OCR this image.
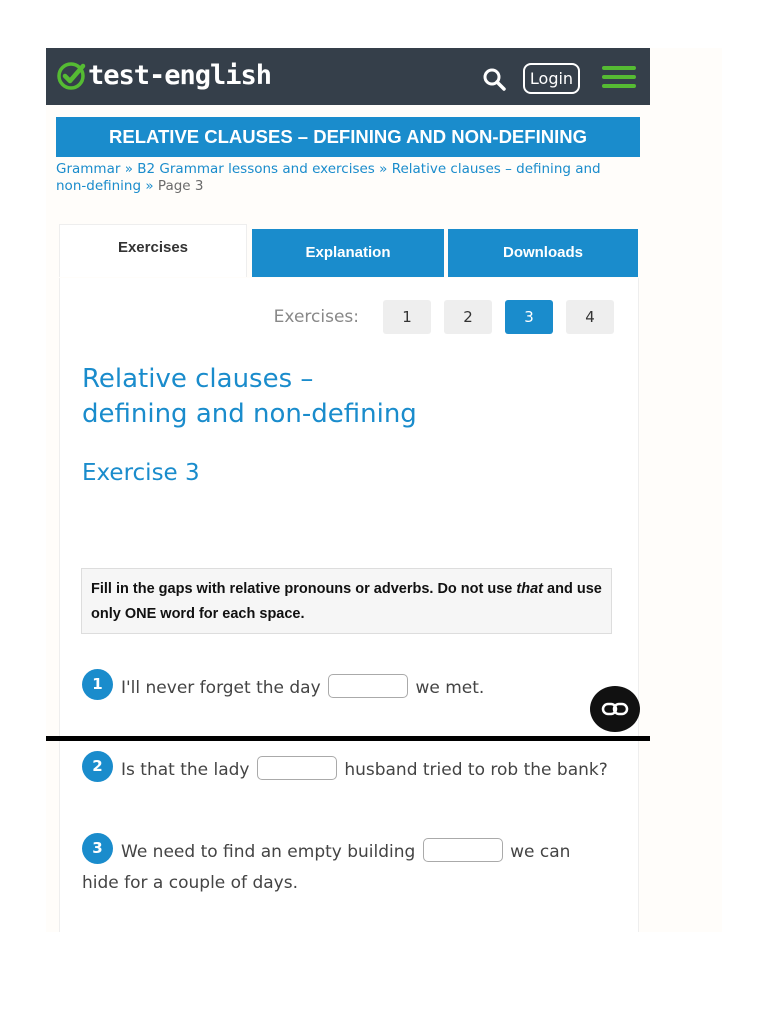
test-english	Login
RELATIVE CLAUSES – DEFINING AND NON-DEFINING
Grammar » B2 Grammar lessons and exercises » Relative clauses – defining and non-defining » Page 3
Exercises	Explanation	Downloads
Exercises:	1	2	3	4
Relative clauses –
defining and non-defining
Exercise 3
Fill in the gaps with relative pronouns or adverbs. Do not use that and use only ONE word for each space.
1 I'll never forget the day	we met.
2 Is that the lady	husband tried to rob the bank?
3 We need to find an empty building	we can hide for a couple of days.
